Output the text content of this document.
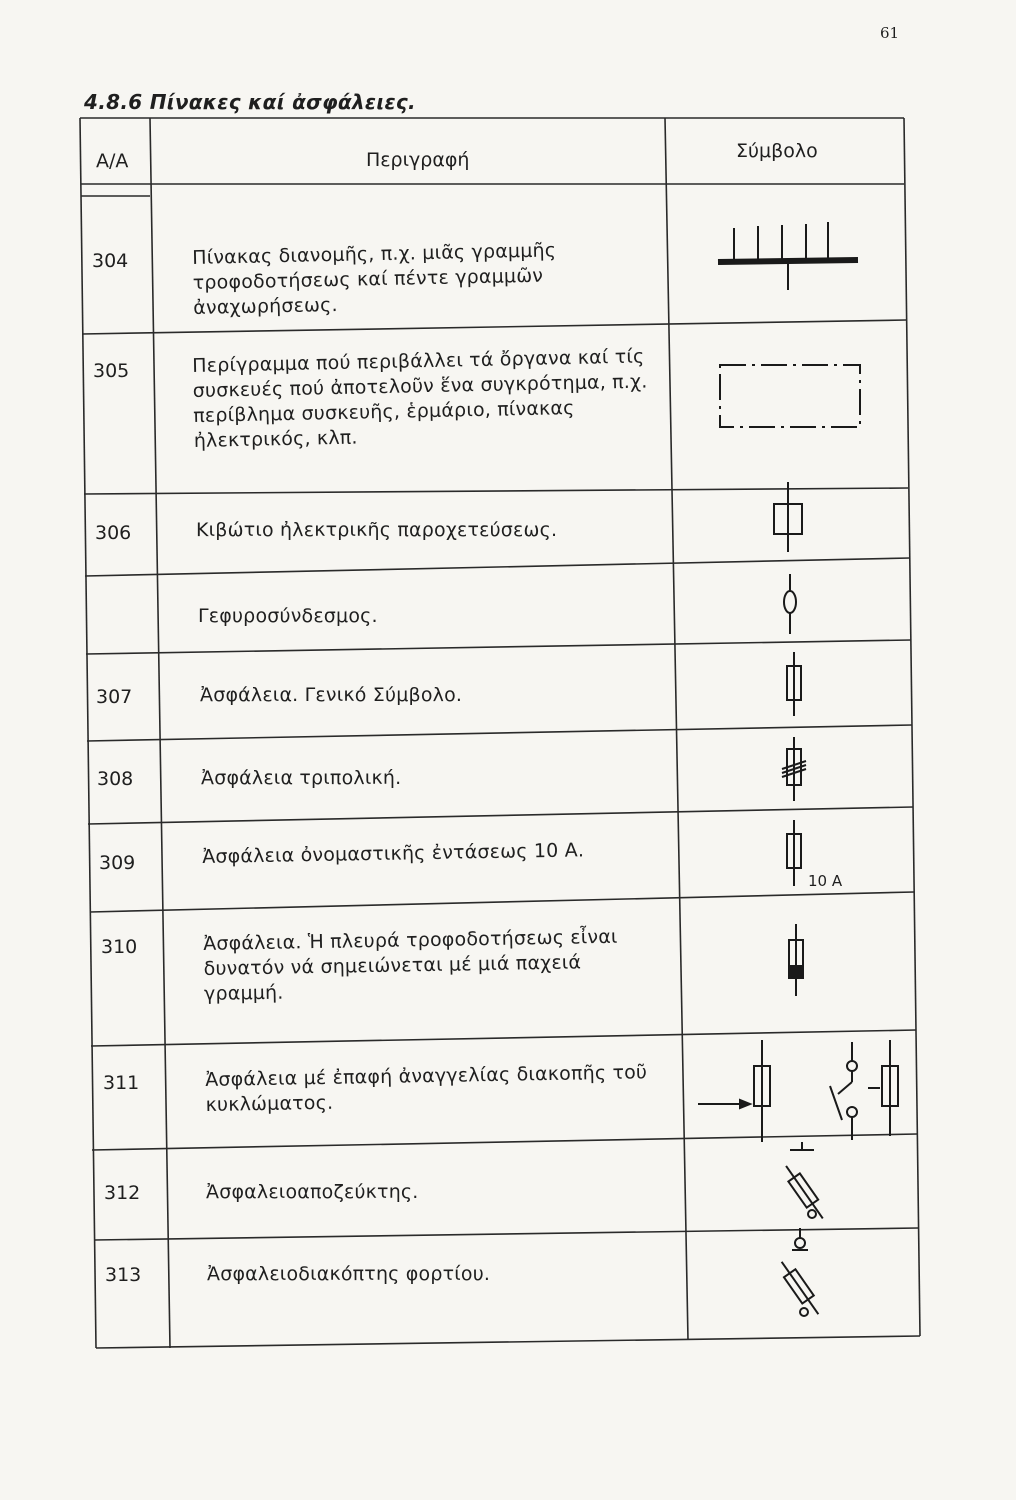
61
4.8.6 Πίνακες καί ἀσφάλειες.
Α/Α	Περιγραφή	Σύμβολο
304	Πίνακας διανομῆς, π.χ. μιᾶς γραμμῆς τροφοδοτήσεως καί πέντε γραμμῶν ἀναχωρήσεως.
305	Περίγραμμα πού περιβάλλει τά ὄργανα καί τίς συσκευές πού ἀποτελοῦν ἕνα συγκρότημα, π.χ. περίβλημα συσκευῆς, ἑρμάριο, πίνακας ἠλεκτρικός, κλπ.
306	Κιβώτιο ἠλεκτρικῆς παροχετεύσεως.
Γεφυροσύνδεσμος.
307	Ἀσφάλεια. Γενικό Σύμβολο.
308	Ἀσφάλεια τριπολική.
309	Ἀσφάλεια ὀνομαστικῆς ἐντάσεως 10 Α.
10 A
310	Ἀσφάλεια. Ἡ πλευρά τροφοδοτήσεως εἶναι δυνατόν νά σημειώνεται μέ μιά παχειά γραμμή.
311	Ἀσφάλεια μέ ἐπαφή ἀναγγελίας διακοπῆς τοῦ κυκλώματος.
312	Ἀσφαλειοαποζεύκτης.
313	Ἀσφαλειοδιακόπτης φορτίου.
